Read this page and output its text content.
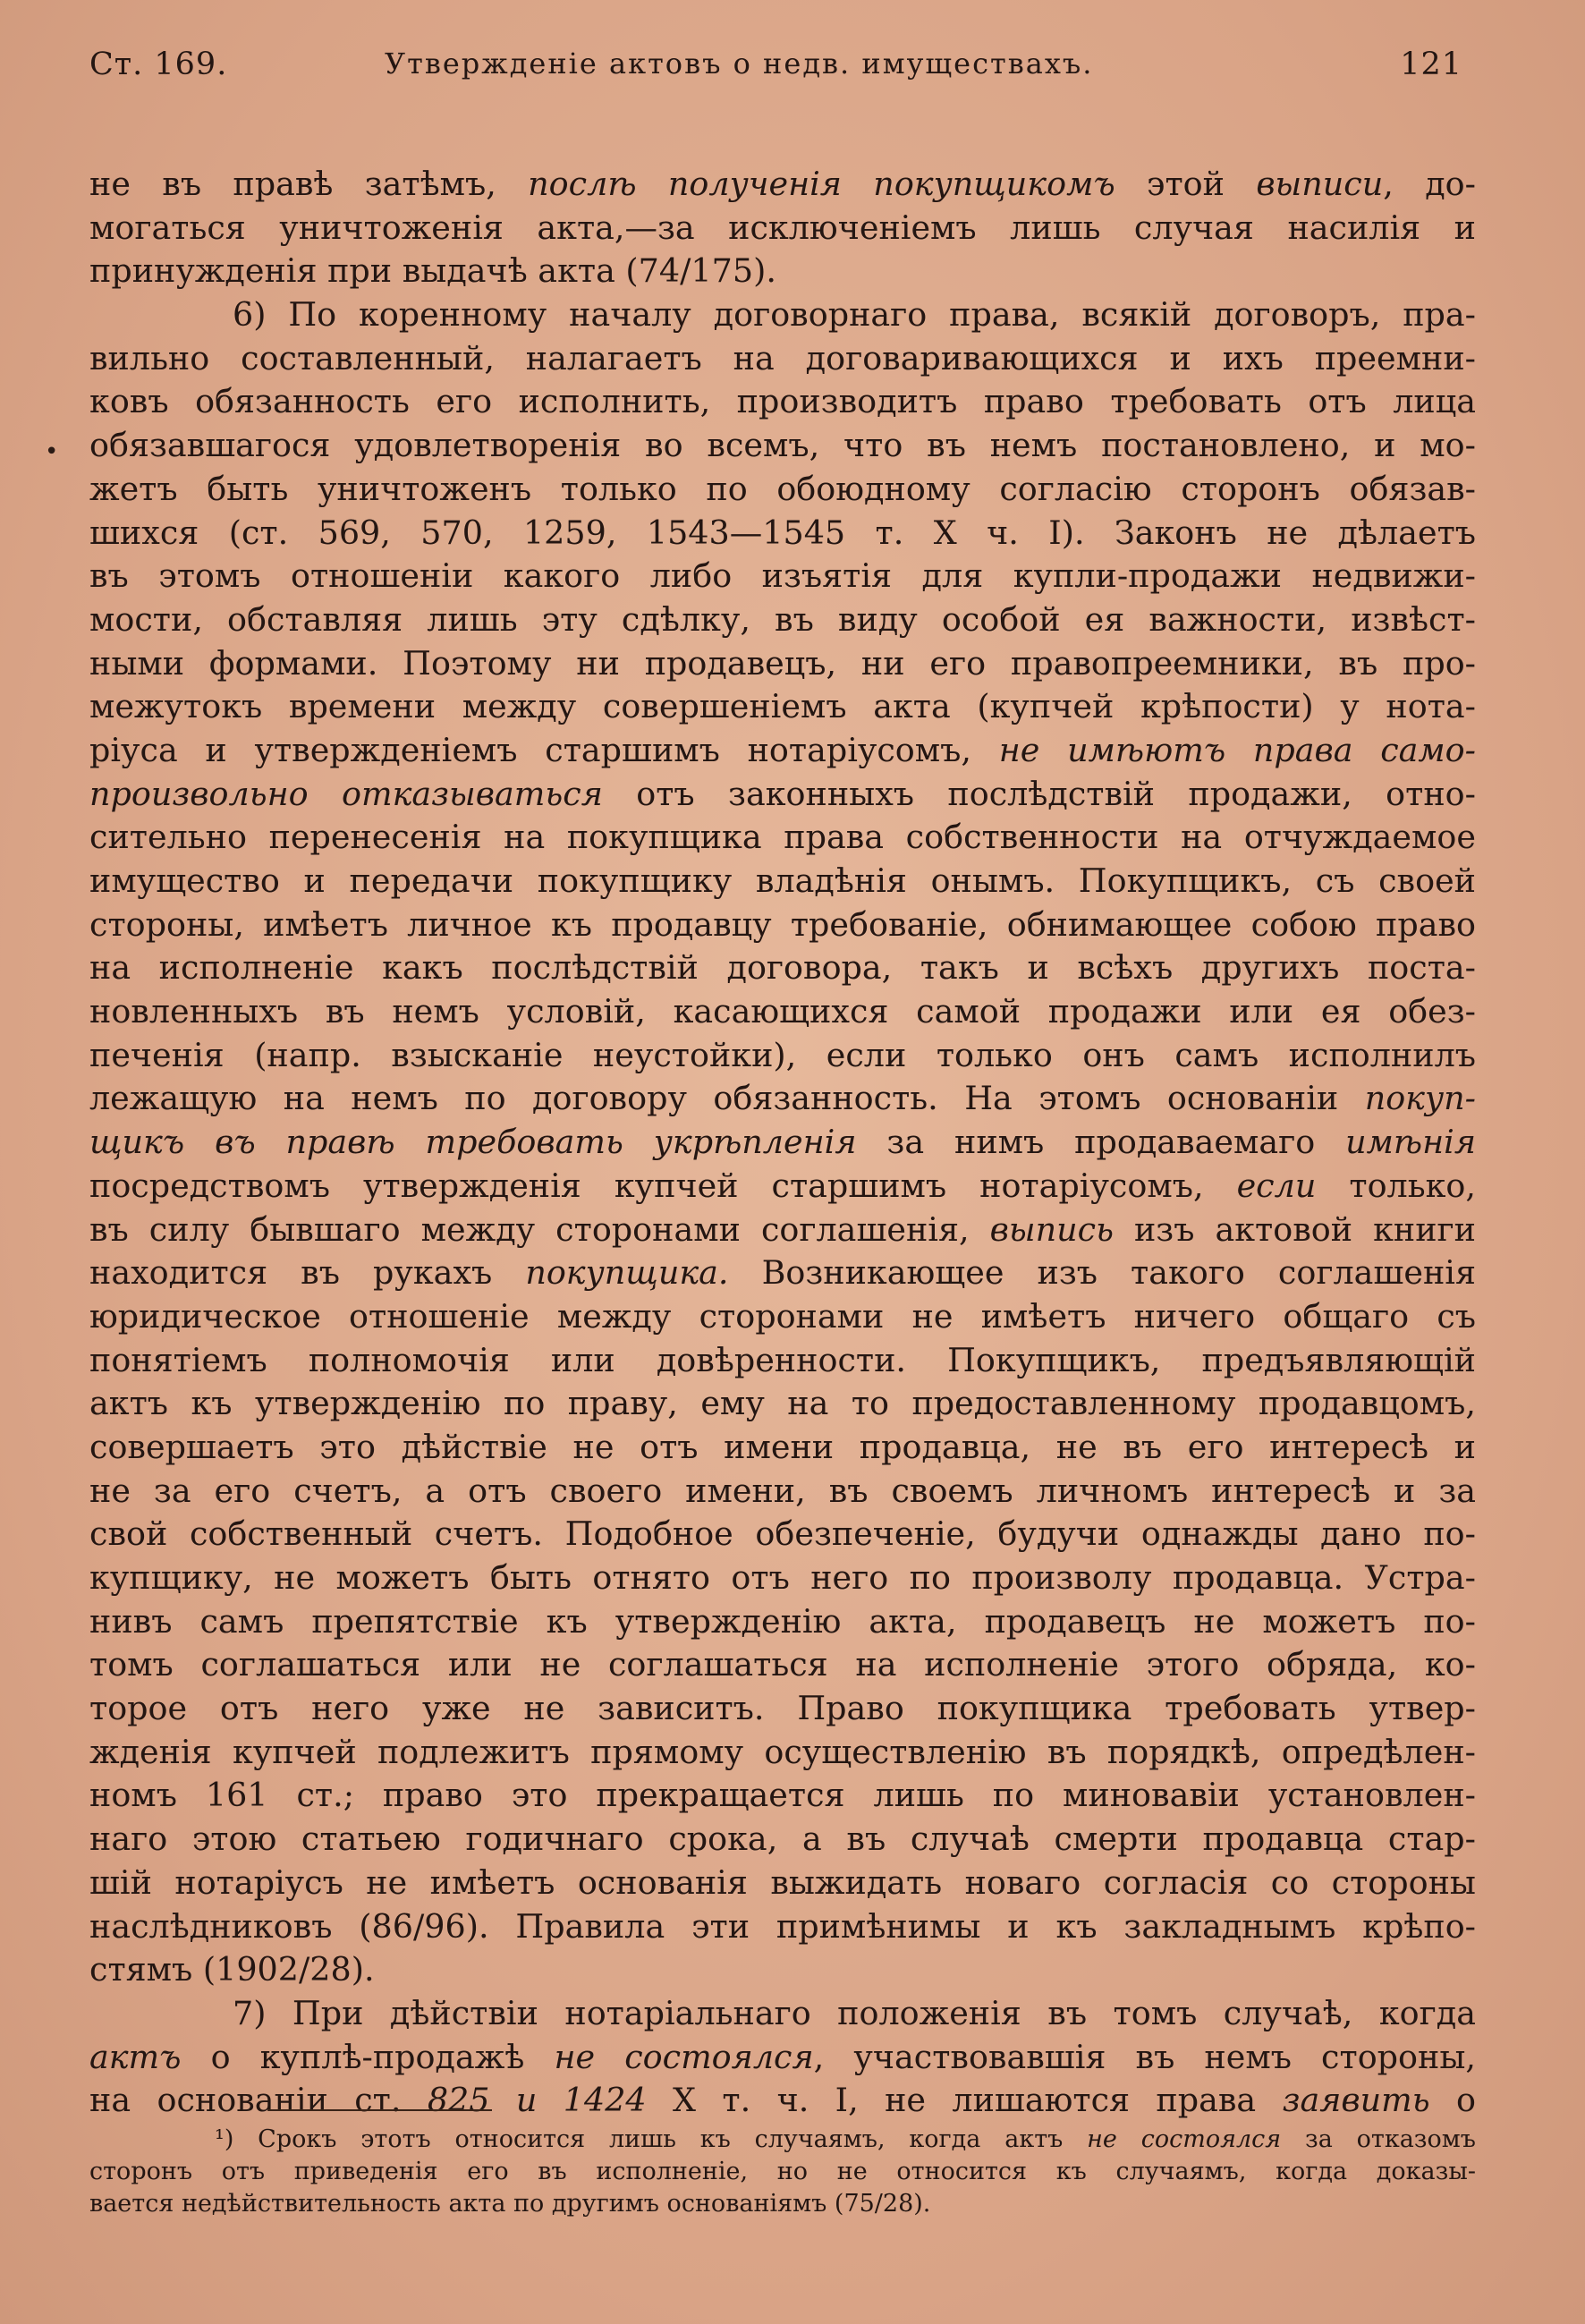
Ст. 169.	Утвержденіе актовъ о недв. имуществахъ.	121
•
не въ правѣ затѣмъ, послѣ полученія покупщикомъ этой выписи, до-
могаться уничтоженія акта,—за исключеніемъ лишь случая насилія и
принужденія при выдачѣ акта (74/175).
6) По коренному началу договорнаго права, всякій договоръ, пра-
вильно составленный, налагаетъ на договаривающихся и ихъ преемни-
ковъ обязанность его исполнить, производитъ право требовать отъ лица
обязавшагося удовлетворенія во всемъ, что въ немъ постановлено, и мо-
жетъ быть уничтоженъ только по обоюдному согласію сторонъ обязав-
шихся (ст. 569, 570, 1259, 1543—1545 т. X ч. I). Законъ не дѣлаетъ
въ этомъ отношеніи какого либо изъятія для купли-продажи недвижи-
мости, обставляя лишь эту сдѣлку, въ виду особой ея важности, извѣст-
ными формами. Поэтому ни продавецъ, ни его правопреемники, въ про-
межутокъ времени между совершеніемъ акта (купчей крѣпости) у нота-
ріуса и утвержденіемъ старшимъ нотаріусомъ, не имѣютъ права само-
произвольно отказываться отъ законныхъ послѣдствій продажи, отно-
сительно перенесенія на покупщика права собственности на отчуждаемое
имущество и передачи покупщику владѣнія онымъ. Покупщикъ, съ своей
стороны, имѣетъ личное къ продавцу требованіе, обнимающее собою право
на исполненіе какъ послѣдствій договора, такъ и всѣхъ другихъ поста-
новленныхъ въ немъ условій, касающихся самой продажи или ея обез-
печенія (напр. взысканіе неустойки), если только онъ самъ исполнилъ
лежащую на немъ по договору обязанность. На этомъ основаніи покуп-
щикъ въ правѣ требовать укрѣпленія за нимъ продаваемаго имѣнія
посредствомъ утвержденія купчей старшимъ нотаріусомъ, если только,
въ силу бывшаго между сторонами соглашенія, выпись изъ актовой книги
находится въ рукахъ покупщика. Возникающее изъ такого соглашенія
юридическое отношеніе между сторонами не имѣетъ ничего общаго съ
понятіемъ полномочія или довѣренности. Покупщикъ, предъявляющій
актъ къ утвержденію по праву, ему на то предоставленному продавцомъ,
совершаетъ это дѣйствіе не отъ имени продавца, не въ его интересѣ и
не за его счетъ, а отъ своего имени, въ своемъ личномъ интересѣ и за
свой собственный счетъ. Подобное обезпеченіе, будучи однажды дано по-
купщику, не можетъ быть отнято отъ него по произволу продавца. Устра-
нивъ самъ препятствіе къ утвержденію акта, продавецъ не можетъ по-
томъ соглашаться или не соглашаться на исполненіе этого обряда, ко-
торое отъ него уже не зависитъ. Право покупщика требовать утвер-
жденія купчей подлежитъ прямому осуществленію въ порядкѣ, опредѣлен-
номъ 161 ст.; право это прекращается лишь по миновавіи установлен-
наго этою статьею годичнаго срока, а въ случаѣ смерти продавца стар-
шій нотаріусъ не имѣетъ основанія выжидать новаго согласія со стороны
наслѣдниковъ (86/96). Правила эти примѣнимы и къ закладнымъ крѣпо-
стямъ (1902/28).
7) При дѣйствіи нотаріальнаго положенія въ томъ случаѣ, когда
актъ о куплѣ-продажѣ не состоялся, участвовавшія въ немъ стороны,
на основаніи ст. 825 и 1424 X т. ч. I, не лишаются права заявить о
¹) Срокъ этотъ относится лишь къ случаямъ, когда актъ не состоялся за отказомъ
сторонъ отъ приведенія его въ исполненіе, но не относится къ случаямъ, когда доказы-
вается недѣйствительность акта по другимъ основаніямъ (75/28).
